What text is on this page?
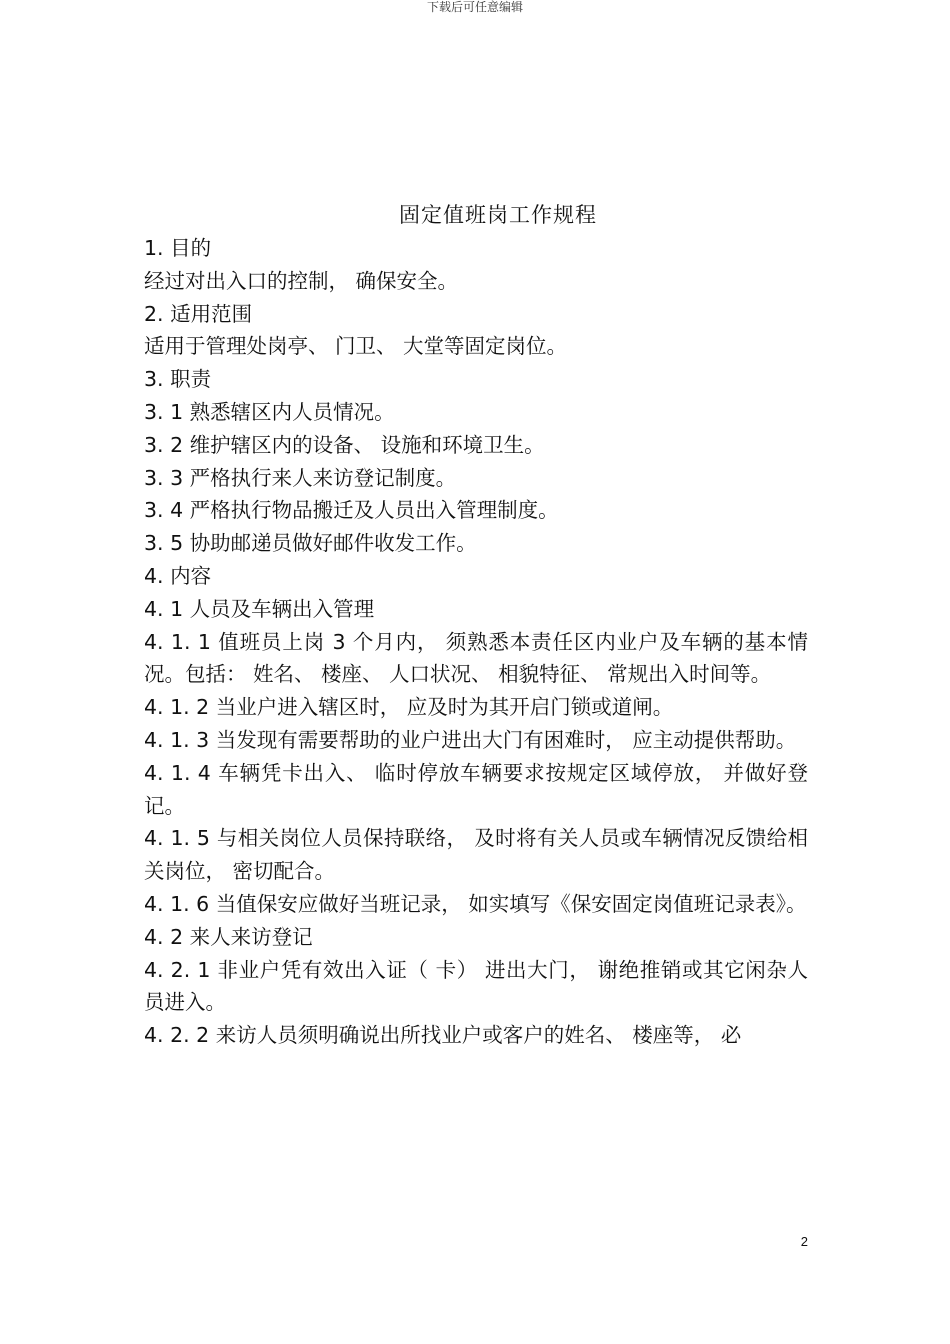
下载后可任意编辑
固定值班岗工作规程

1. 目的

经过对出入口的控制， 确保安全。

2. 适用范围

适用于管理处岗亭、 门卫、 大堂等固定岗位。

3. 职责

3. 1 熟悉辖区内人员情况。

3. 2 维护辖区内的设备、 设施和环境卫生。

3. 3 严格执行来人来访登记制度。

3. 4 严格执行物品搬迁及人员出入管理制度。

3. 5 协助邮递员做好邮件收发工作。

4. 内容

4. 1 人员及车辆出入管理

4. 1. 1 值班员上岗 3 个月内， 须熟悉本责任区内业户及车辆的基本情况。包括： 姓名、 楼座、 人口状况、 相貌特征、 常规出入时间等。

4. 1. 2 当业户进入辖区时， 应及时为其开启门锁或道闸。

4. 1. 3 当发现有需要帮助的业户进出大门有困难时， 应主动提供帮助。

4. 1. 4 车辆凭卡出入、 临时停放车辆要求按规定区域停放， 并做好登记。

4. 1. 5 与相关岗位人员保持联络， 及时将有关人员或车辆情况反馈给相关岗位， 密切配合。

4. 1. 6 当值保安应做好当班记录， 如实填写《保安固定岗值班记录表》。

4. 2 来人来访登记

4. 2. 1 非业户凭有效出入证（ 卡） 进出大门， 谢绝推销或其它闲杂人员进入。

4. 2. 2 来访人员须明确说出所找业户或客户的姓名、 楼座等， 必

2
